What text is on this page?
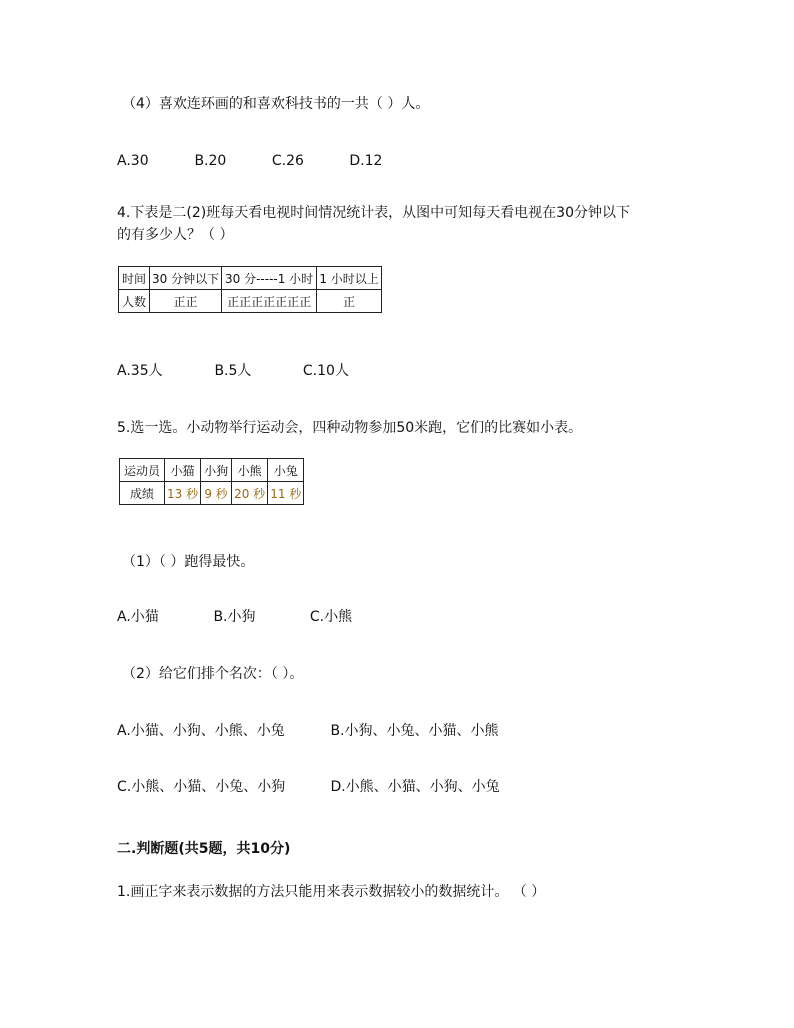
（4）喜欢连环画的和喜欢科技书的一共（ ）人。
A.30	B.20	C.26	D.12
4.下表是二(2)班每天看电视时间情况统计表，从图中可知每天看电视在30分钟以下
的有多少人？（ ）
时间	30 分钟以下	30 分-----1 小时	1 小时以上
人数	正正	正正正正正正正	正
A.35人	B.5人	C.10人
5.选一选。小动物举行运动会，四种动物参加50米跑，它们的比赛如小表。
运动员	小猫	小狗	小熊	小兔
成绩	13 秒	9 秒	20 秒	11 秒
（1）（ ）跑得最快。
A.小猫	B.小狗	C.小熊
（2）给它们排个名次：（ ）。
A.小猫、小狗、小熊、小兔	B.小狗、小兔、小猫、小熊
C.小熊、小猫、小兔、小狗	D.小熊、小猫、小狗、小兔
二.判断题(共5题，共10分)
1.画正字来表示数据的方法只能用来表示数据较小的数据统计。 （ ）
